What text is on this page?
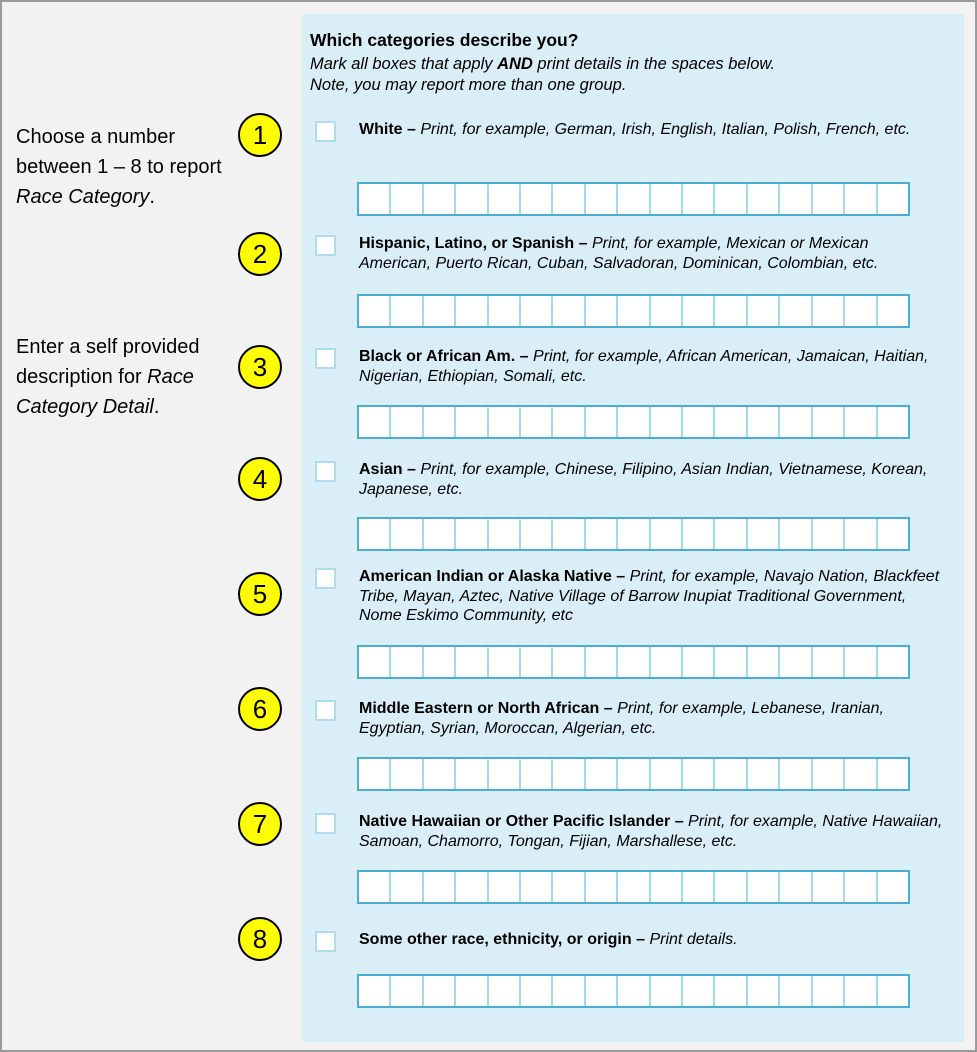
Choose a number between 1 – 8 to report Race Category.
Enter a self provided description for Race Category Detail.
1
2
3
4
5
6
7
8
Which categories describe you?
Mark all boxes that apply AND print details in the spaces below.
Note, you may report more than one group.
White – Print, for example, German, Irish, English, Italian, Polish, French, etc.
Hispanic, Latino, or Spanish – Print, for example, Mexican or Mexican American, Puerto Rican, Cuban, Salvadoran, Dominican, Colombian, etc.
Black or African Am. – Print, for example, African American, Jamaican, Haitian, Nigerian, Ethiopian, Somali, etc.
Asian – Print, for example, Chinese, Filipino, Asian Indian, Vietnamese, Korean, Japanese, etc.
American Indian or Alaska Native – Print, for example, Navajo Nation, Blackfeet Tribe, Mayan, Aztec, Native Village of Barrow Inupiat Traditional Government, Nome Eskimo Community, etc
Middle Eastern or North African – Print, for example, Lebanese, Iranian, Egyptian, Syrian, Moroccan, Algerian, etc.
Native Hawaiian or Other Pacific Islander – Print, for example, Native Hawaiian, Samoan, Chamorro, Tongan, Fijian, Marshallese, etc.
Some other race, ethnicity, or origin – Print details.
